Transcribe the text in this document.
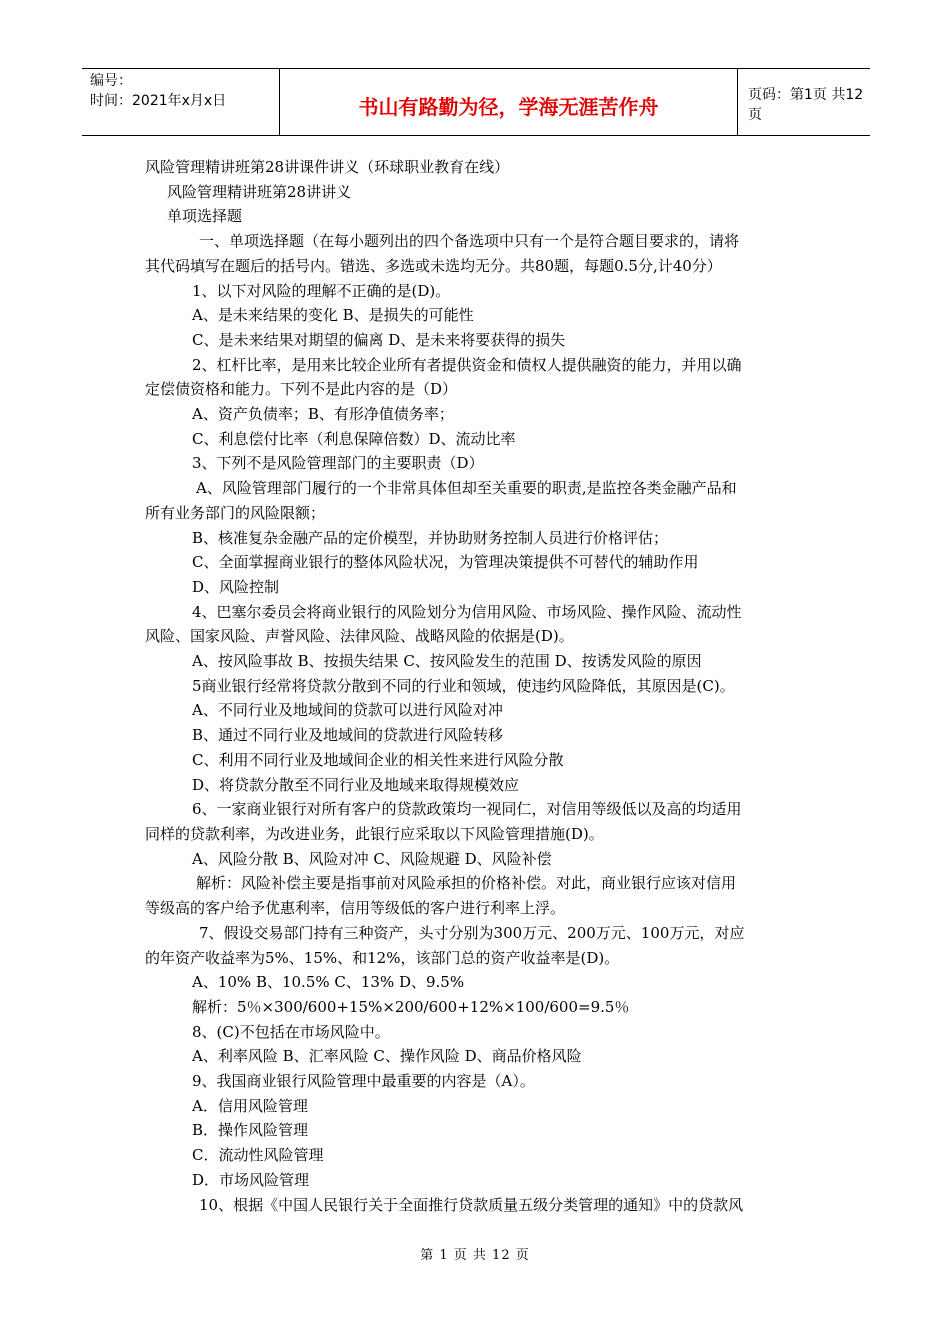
编号：
时间：2021年x月x日	书山有路勤为径，学海无涯苦作舟	页码：第1页 共12页
风险管理精讲班第28讲课件讲义（环球职业教育在线）
风险管理精讲班第28讲讲义
单项选择题
一、单项选择题（在每小题列出的四个备选项中只有一个是符合题目要求的，请将
其代码填写在题后的括号内。错选、多选或未选均无分。共80题，每题0.5分,计40分）
1、以下对风险的理解不正确的是(D)。
A、是未来结果的变化 B、是损失的可能性
C、是未来结果对期望的偏离 D、是未来将要获得的损失
2、杠杆比率，是用来比较企业所有者提供资金和债权人提供融资的能力，并用以确
定偿债资格和能力。下列不是此内容的是（D）
A、资产负债率；B、有形净值债务率；
C、利息偿付比率（利息保障倍数）D、流动比率
3、下列不是风险管理部门的主要职责（D）
A、风险管理部门履行的一个非常具体但却至关重要的职责,是监控各类金融产品和
所有业务部门的风险限额；
B、核准复杂金融产品的定价模型，并协助财务控制人员进行价格评估；
C、全面掌握商业银行的整体风险状况，为管理决策提供不可替代的辅助作用
D、风险控制
4、巴塞尔委员会将商业银行的风险划分为信用风险、市场风险、操作风险、流动性
风险、国家风险、声誉风险、法律风险、战略风险的依据是(D)。
A、按风险事故 B、按损失结果 C、按风险发生的范围 D、按诱发风险的原因
5商业银行经常将贷款分散到不同的行业和领域，使违约风险降低，其原因是(C)。
A、不同行业及地域间的贷款可以进行风险对冲
B、通过不同行业及地域间的贷款进行风险转移
C、利用不同行业及地域间企业的相关性来进行风险分散
D、将贷款分散至不同行业及地域来取得规模效应
6、一家商业银行对所有客户的贷款政策均一视同仁，对信用等级低以及高的均适用
同样的贷款利率，为改进业务，此银行应采取以下风险管理措施(D)。
A、风险分散 B、风险对冲 C、风险规避 D、风险补偿
解析：风险补偿主要是指事前对风险承担的价格补偿。对此，商业银行应该对信用
等级高的客户给予优惠利率，信用等级低的客户进行利率上浮。
7、假设交易部门持有三种资产，头寸分别为300万元、200万元、100万元，对应
的年资产收益率为5%、15%、和12%，该部门总的资产收益率是(D)。
A、10% B、10.5% C、13% D、9.5%
解析：5％×300/600+15%×200/600+12%×100/600=9.5％
8、(C)不包括在市场风险中。
A、利率风险 B、汇率风险 C、操作风险 D、商品价格风险
9、我国商业银行风险管理中最重要的内容是（A）。
A．信用风险管理
B．操作风险管理
C．流动性风险管理
D．市场风险管理
10、根据《中国人民银行关于全面推行贷款质量五级分类管理的通知》中的贷款风
第 1 页 共 12 页
